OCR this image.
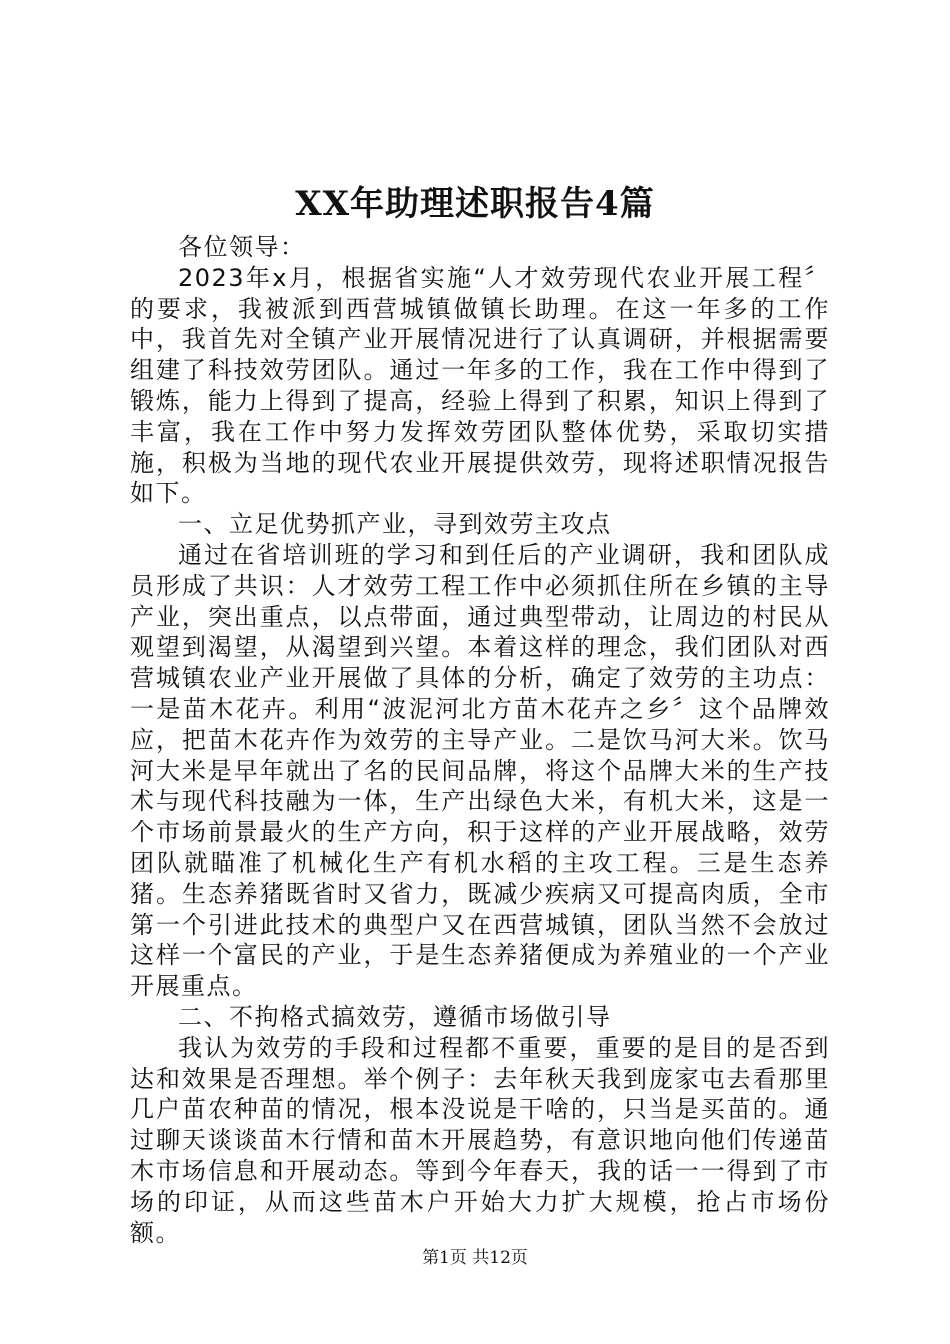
XX年助理述职报告4篇

各位领导：

2023年x月，根据省实施“人才效劳现代农业开展工程〞的要求，我被派到西营城镇做镇长助理。在这一年多的工作中，我首先对全镇产业开展情况进行了认真调研，并根据需要组建了科技效劳团队。通过一年多的工作，我在工作中得到了锻炼，能力上得到了提高，经验上得到了积累，知识上得到了丰富，我在工作中努力发挥效劳团队整体优势，采取切实措施，积极为当地的现代农业开展提供效劳，现将述职情况报告如下。

一、立足优势抓产业，寻到效劳主攻点

通过在省培训班的学习和到任后的产业调研，我和团队成员形成了共识：人才效劳工程工作中必须抓住所在乡镇的主导产业，突出重点，以点带面，通过典型带动，让周边的村民从观望到渴望，从渴望到兴望。本着这样的理念，我们团队对西营城镇农业产业开展做了具体的分析，确定了效劳的主功点：一是苗木花卉。利用“波泥河北方苗木花卉之乡〞这个品牌效应，把苗木花卉作为效劳的主导产业。二是饮马河大米。饮马河大米是早年就出了名的民间品牌，将这个品牌大米的生产技术与现代科技融为一体，生产出绿色大米，有机大米，这是一个市场前景最火的生产方向，积于这样的产业开展战略，效劳团队就瞄准了机械化生产有机水稻的主攻工程。三是生态养猪。生态养猪既省时又省力，既减少疾病又可提高肉质，全市第一个引进此技术的典型户又在西营城镇，团队当然不会放过这样一个富民的产业，于是生态养猪便成为养殖业的一个产业开展重点。

二、不拘格式搞效劳，遵循市场做引导

我认为效劳的手段和过程都不重要，重要的是目的是否到达和效果是否理想。举个例子：去年秋天我到庞家屯去看那里几户苗农种苗的情况，根本没说是干啥的，只当是买苗的。通过聊天谈谈苗木行情和苗木开展趋势，有意识地向他们传递苗木市场信息和开展动态。等到今年春天，我的话一一得到了市场的印证，从而这些苗木户开始大力扩大规模，抢占市场份额。

第1页 共12页
